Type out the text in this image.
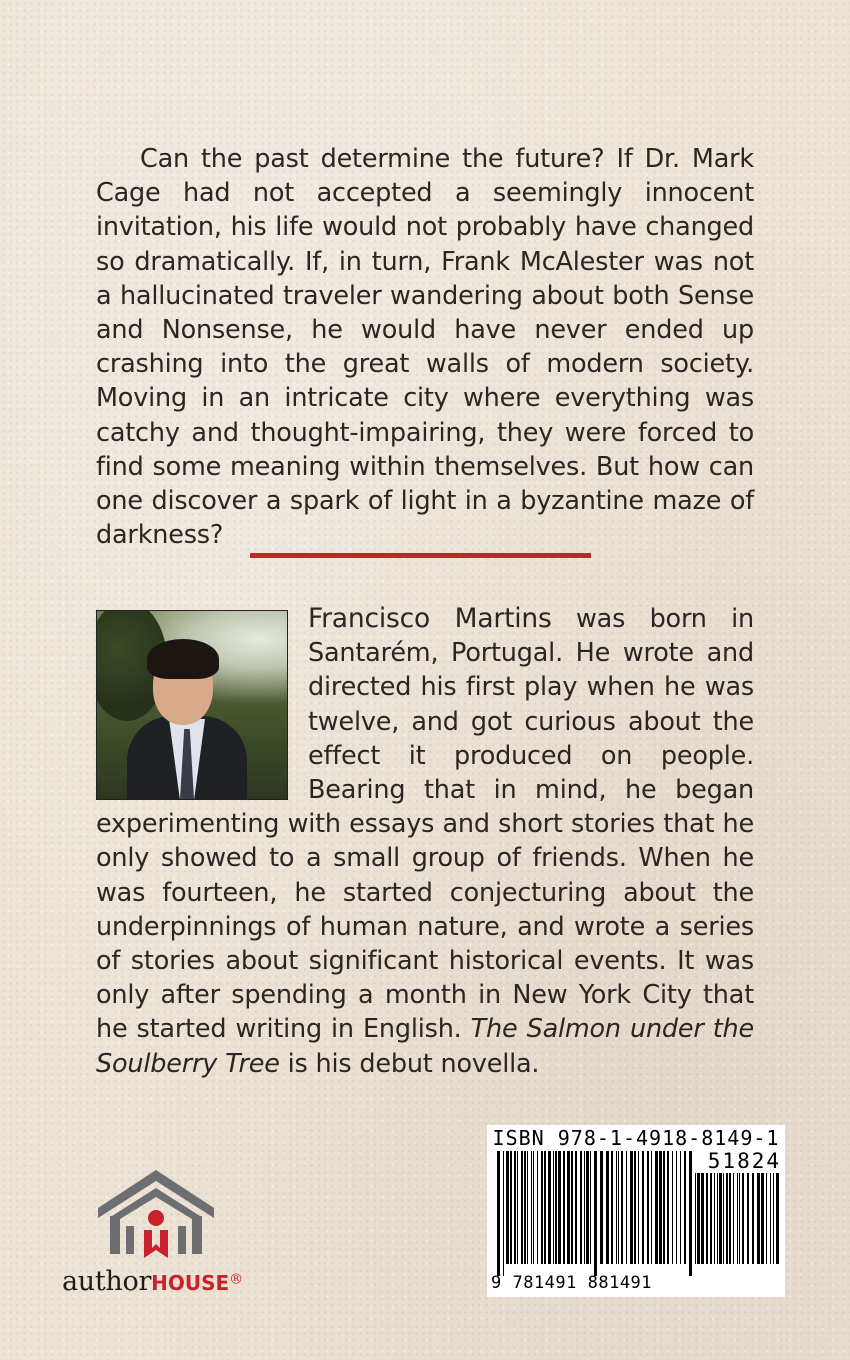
Can the past determine the future? If Dr. Mark Cage had not accepted a seemingly innocent invitation, his life would not probably have changed so dramatically. If, in turn, Frank McAlester was not a hallucinated traveler wandering about both Sense and Nonsense, he would have never ended up crashing into the great walls of modern society. Moving in an intricate city where everything was catchy and thought-impairing, they were forced to find some meaning within themselves. But how can one discover a spark of light in a byzantine maze of darkness?

Francisco Martins was born in Santarém, Portugal. He wrote and directed his first play when he was twelve, and got curious about the effect it produced on people. Bearing that in mind, he began experimenting with essays and short stories that he only showed to a small group of friends. When he was fourteen, he started conjecturing about the underpinnings of human nature, and wrote a series of stories about significant historical events. It was only after spending a month in New York City that he started writing in English. The Salmon under the Soulberry Tree is his debut novella.

ISBN 978-1-4918-8149-1
51824
9 781491 881491
authorHOUSE®
